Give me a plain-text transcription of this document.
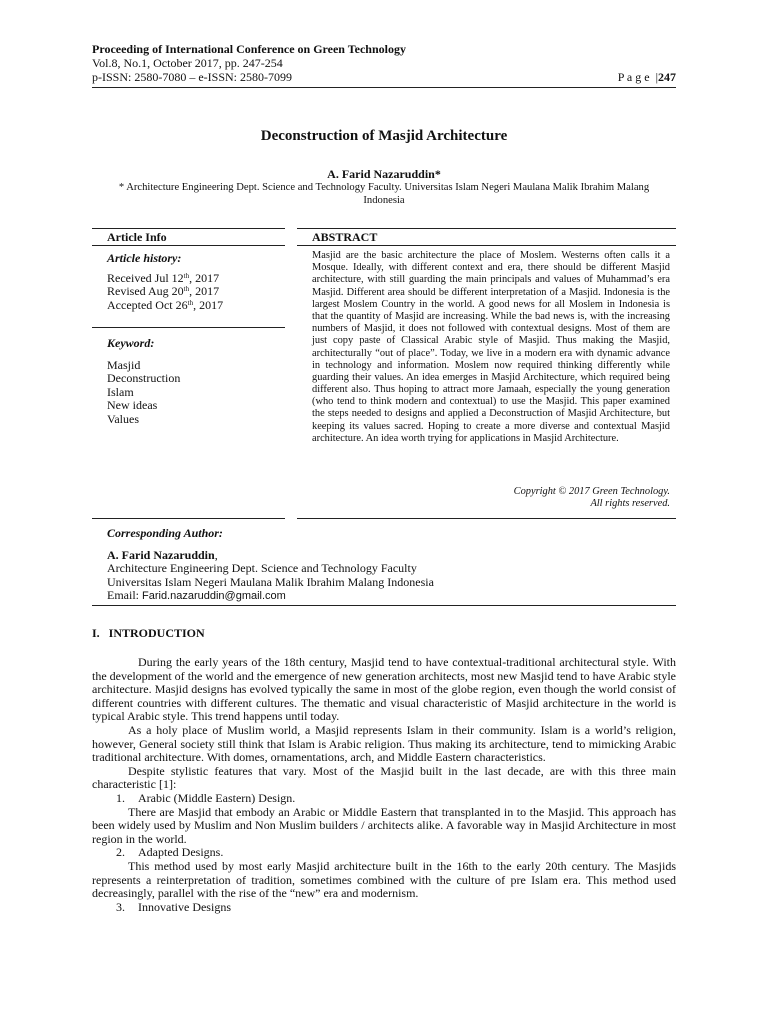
Proceeding of International Conference on Green Technology
Vol.8, No.1, October 2017, pp. 247-254
p-ISSN: 2580-7080 – e-ISSN: 2580-7099	P a g e  |247
Deconstruction of Masjid Architecture
A. Farid Nazaruddin*
* Architecture Engineering Dept. Science and Technology Faculty. Universitas Islam Negeri Maulana Malik Ibrahim Malang Indonesia
Article Info	ABSTRACT
Article history:
Received Jul 12th, 2017
Revised Aug 20th, 2017
Accepted Oct 26th, 2017
Keyword:
Masjid
Deconstruction
Islam
New ideas
Values
Masjid are the basic architecture the place of Moslem. Westerns often calls it a Mosque. Ideally, with different context and era, there should be different Masjid architecture, with still guarding the main principals and values of Muhammad’s era Masjid. Different area should be different interpretation of a Masjid. Indonesia is the largest Moslem Country in the world. A good news for all Moslem in Indonesia is that the quantity of Masjid are increasing. While the bad news is, with the increasing numbers of Masjid, it does not followed with contextual designs. Most of them are just copy paste of Classical Arabic style of Masjid. Thus making the Masjid, architecturally “out of place”. Today, we live in a modern era with dynamic advance in technology and information. Moslem now required thinking differently while guarding their values. An idea emerges in Masjid Architecture, which required being different also. Thus hoping to attract more Jamaah, especially the young generation (who tend to think modern and contextual) to use the Masjid. This paper examined the steps needed to designs and applied a Deconstruction of Masjid Architecture, but keeping its values sacred. Hoping to create a more diverse and contextual Masjid architecture. An idea worth trying for applications in Masjid Architecture.
Copyright © 2017 Green Technology.
All rights reserved.
Corresponding Author:
A. Farid Nazaruddin,
Architecture Engineering Dept. Science and Technology Faculty
Universitas Islam Negeri Maulana Malik Ibrahim Malang Indonesia
Email: Farid.nazaruddin@gmail.com
I.   INTRODUCTION

During the early years of the 18th century, Masjid tend to have contextual-traditional architectural style. With the development of the world and the emergence of new generation architects, most new Masjid tend to have Arabic style architecture. Masjid designs has evolved typically the same in most of the globe region, even though the world consist of different countries with different cultures. The thematic and visual characteristic of Masjid architecture in the world is typical Arabic style. This trend happens until today.

As a holy place of Muslim world, a Masjid represents Islam in their community. Islam is a world’s religion, however, General society still think that Islam is Arabic religion. Thus making its architecture, tend to mimicking Arabic traditional architecture. With domes, ornamentations, arch, and Middle Eastern characteristics.

Despite stylistic features that vary. Most of the Masjid built in the last decade, are with this three main characteristic [1]:

1. Arabic (Middle Eastern) Design.

There are Masjid that embody an Arabic or Middle Eastern that transplanted in to the Masjid. This approach has been widely used by Muslim and Non Muslim builders / architects alike. A favorable way in Masjid Architecture in most region in the world.

2. Adapted Designs.

This method used by most early Masjid architecture built in the 16th to the early 20th century. The Masjids represents a reinterpretation of tradition, sometimes combined with the culture of pre Islam era. This method used decreasingly, parallel with the rise of the “new” era and modernism.

3. Innovative Designs
